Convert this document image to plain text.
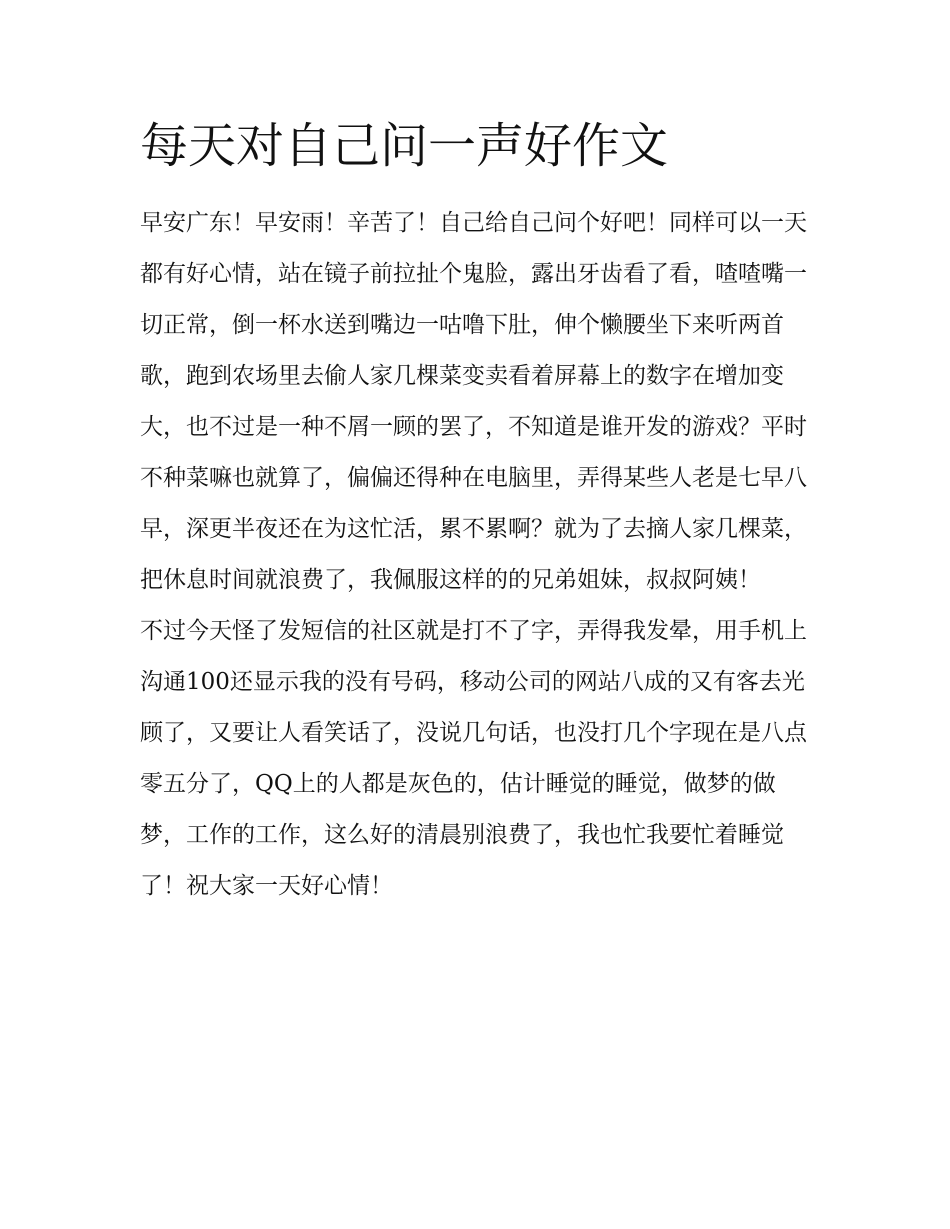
每天对自己问一声好作文

早安广东！早安雨！辛苦了！自己给自己问个好吧！同样可以一天都有好心情，站在镜子前拉扯个鬼脸，露出牙齿看了看，喳喳嘴一切正常，倒一杯水送到嘴边一咕噜下肚，伸个懒腰坐下来听两首歌，跑到农场里去偷人家几棵菜变卖看着屏幕上的数字在增加变大，也不过是一种不屑一顾的罢了，不知道是谁开发的游戏？平时不种菜嘛也就算了，偏偏还得种在电脑里，弄得某些人老是七早八早，深更半夜还在为这忙活，累不累啊？就为了去摘人家几棵菜，把休息时间就浪费了，我佩服这样的的兄弟姐妹，叔叔阿姨！

不过今天怪了发短信的社区就是打不了字，弄得我发晕，用手机上沟通100还显示我的没有号码，移动公司的网站八成的又有客去光顾了，又要让人看笑话了，没说几句话，也没打几个字现在是八点零五分了，QQ上的人都是灰色的，估计睡觉的睡觉，做梦的做梦，工作的工作，这么好的清晨别浪费了，我也忙我要忙着睡觉了！祝大家一天好心情！
